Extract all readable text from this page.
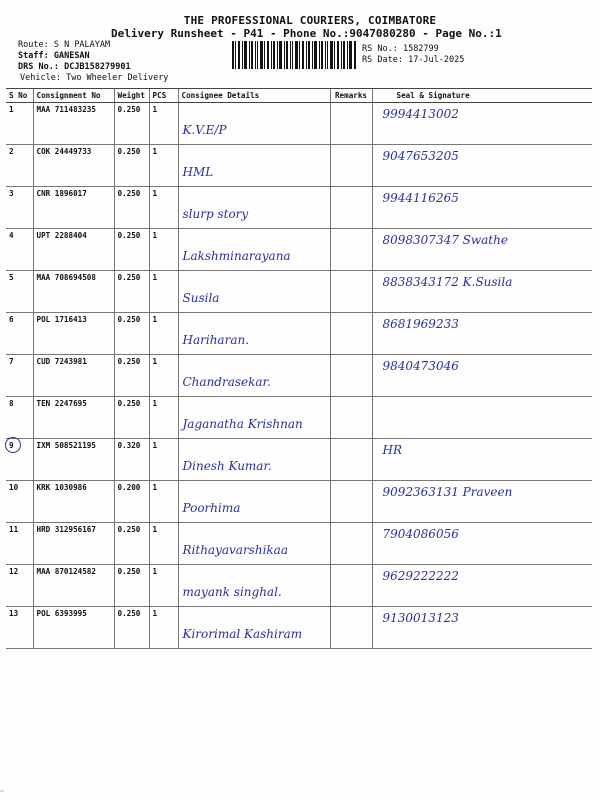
THE PROFESSIONAL COURIERS, COIMBATORE
Delivery Runsheet - P41 - Phone No.:9047080280 - Page No.:1
Route: S N PALAYAM
Staff: GANESAN
DRS No.: DCJB158279901
Vehicle: Two Wheeler Delivery
RS No.: 1582799
RS Date: 17-Jul-2025
S No	Consignment No	Weight	PCS	Consignee Details	Remarks	Seal & Signature
1	MAA 711483235	0.250	1	K.V.E/P		9994413002

2	COK 24449733	0.250	1	HML		9047653205

3	CNR 1896017	0.250	1	slurp story		9944116265

4	UPT 2288404	0.250	1	Lakshminarayana		8098307347 Swathe

5	MAA 708694508	0.250	1	Susila		8838343172 K.Susila

6	POL 1716413	0.250	1	Hariharan.		8681969233

7	CUD 7243981	0.250	1	Chandrasekar.		9840473046

8	TEN 2247695	0.250	1	Jaganatha Krishnan		

9	IXM 508521195	0.320	1	Dinesh Kumar.		HR

10	KRK 1030986	0.200	1	Poorhima		9092363131 Praveen

11	HRD 312956167	0.250	1	Rithayavarshikaa		7904086056

12	MAA 870124582	0.250	1	mayank singhal.		9629222222

13	POL 6393995	0.250	1	Kirorimal Kashiram		9130013123
~
